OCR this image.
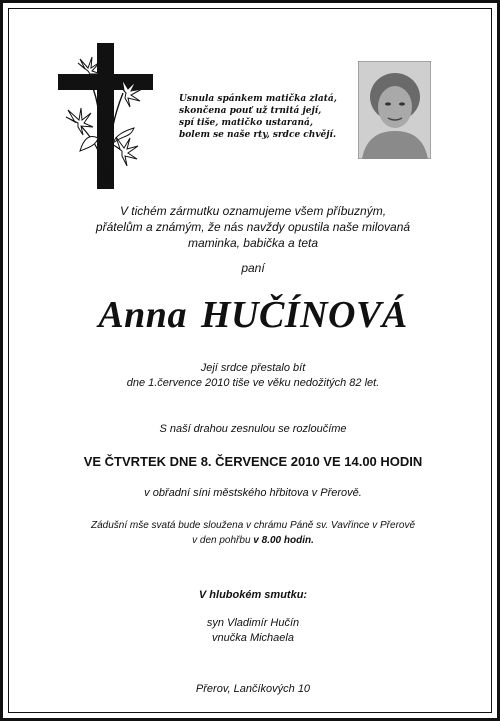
Usnula spánkem matička zlatá,
skončena pouť už trnitá její,
spí tiše, matičko ustaraná,
bolem se naše rty, srdce chvějí.
V tichém zármutku oznamujeme všem příbuzným,
přátelům a známým, že nás navždy opustila naše milovaná
maminka, babička a teta
paní
Anna HUČÍNOVÁ
Její srdce přestalo bít
dne 1.července 2010 tiše ve věku nedožitých 82 let.
S naší drahou zesnulou se rozloučíme
VE ČTVRTEK DNE 8. ČERVENCE 2010 VE 14.00 HODIN
v obřadní síni městského hřbitova v Přerově.
Zádušní mše svatá bude sloužena v chrámu Páně sv. Vavřince v Přerově
v den pohřbu v 8.00 hodin.
V hlubokém smutku:
syn Vladimír Hučín
vnučka Michaela
Přerov, Lančíkových 10
